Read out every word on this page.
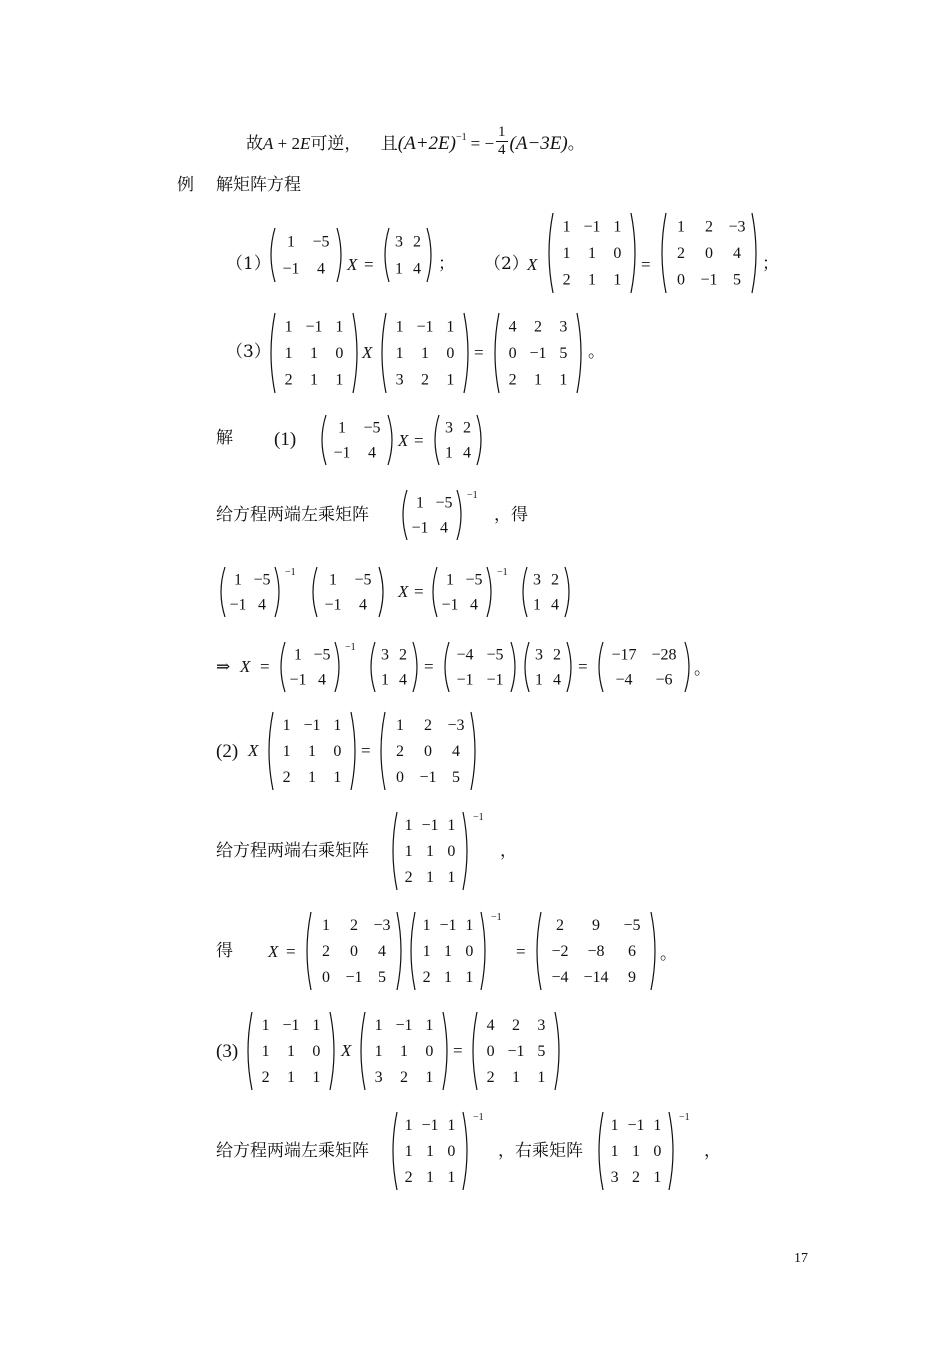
故A + 2E可逆， 且$(A+2E)^{-1}$ = − $\frac{1}{4} (A-3E)$。
例 解矩阵方程
（1）
1 −5
−1 4 X =
3 2
1 4 ； （2）
X
1 −1 1
1 1 0
2 1 1
=
1 2 −3
2 0 4
0 −1 5
；
（3）
1 −1 1
1 1 0
2 1 1
X
1 −1 1
1 1 0
3 2 1
=
4 2 3
0 −1 5
2 1 1
。
解 (1)
1 −5
−1 4
X =
3 2
1 4
给方程两端左乘矩阵
1 −5
−1 4
−1
，得
1 −5
−1 4
−1 1 −5
−1 4
X =
1 −5
−1 4
−1 3 2
1 4
⇒ X =
1 −5
−1 4
−1 3 2
1 4
=
−4 −5
−1 −1
3 2
1 4
=
−17 −28
−4 −6
。
(2) X
1 −1 1
1 1 0
2 1 1
=
1 2 −3
2 0 4
0 −1 5
给方程两端右乘矩阵
1 −1 1
1 1 0
2 1 1
−1
，
得 X =
1 2 −3
2 0 4
0 −1 5
1 −1 1
1 1 0
2 1 1
−1
=
2 9 −5
−2 −8 6
−4 −14 9
。
(3)
1 −1 1
1 1 0
2 1 1
X
1 −1 1
1 1 0
3 2 1
=
4 2 3
0 −1 5
2 1 1
给方程两端左乘矩阵
1 −1 1
1 1 0
2 1 1
−1
，右乘矩阵
1 −1 1
1 1 0
3 2 1
−1
，
17
